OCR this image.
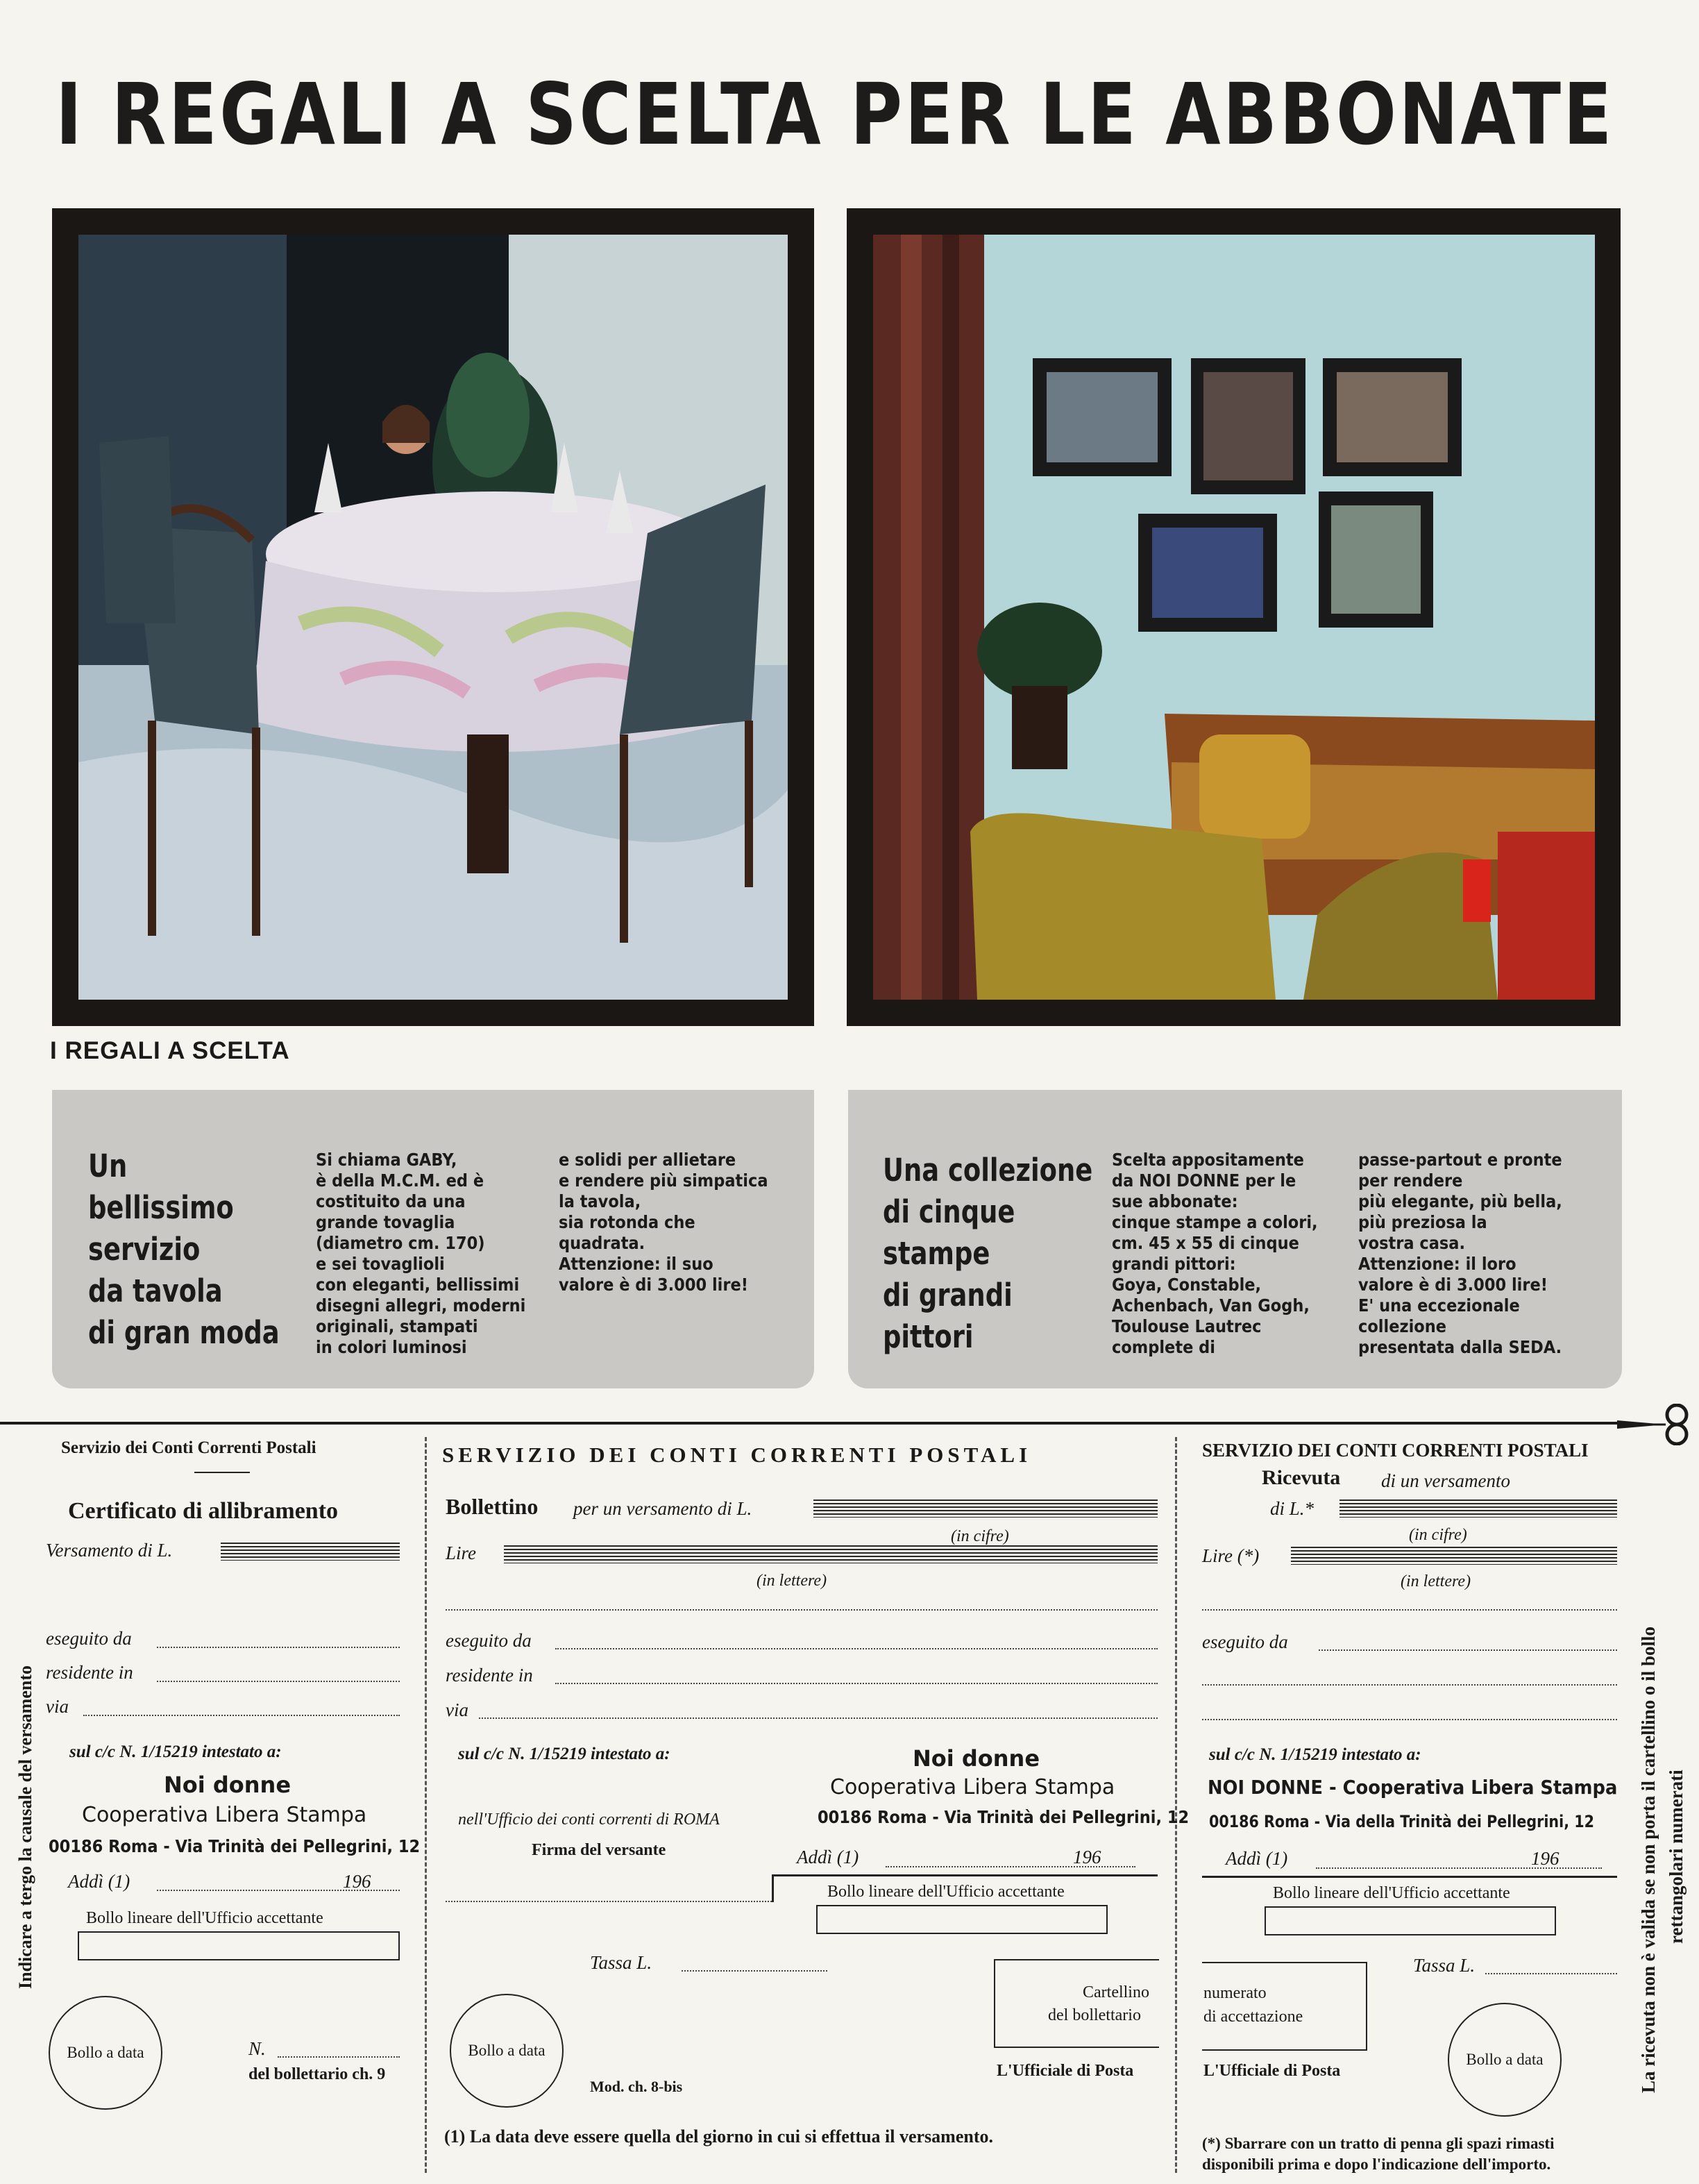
I REGALI A SCELTA PER LE ABBONATE
I REGALI A SCELTA
Un
bellissimo
servizio
da tavola
di gran moda
Si chiama GABY,
è della M.C.M. ed è
costituito da una
grande tovaglia
(diametro cm. 170)
e sei tovaglioli
con eleganti, bellissimi
disegni allegri, moderni
originali, stampati
in colori luminosi
e solidi per allietare
e rendere più simpatica
la tavola,
sia rotonda che
quadrata.
Attenzione: il suo
valore è di 3.000 lire!
Una collezione
di cinque
stampe
di grandi
pittori
Scelta appositamente
da NOI DONNE per le
sue abbonate:
cinque stampe a colori,
cm. 45 x 55 di cinque
grandi pittori:
Goya, Constable,
Achenbach, Van Gogh,
Toulouse Lautrec
complete di
passe-partout e pronte
per rendere
più elegante, più bella,
più preziosa la
vostra casa.
Attenzione: il loro
valore è di 3.000 lire!
E' una eccezionale
collezione
presentata dalla SEDA.
Servizio dei Conti Correnti Postali
Certificato di allibramento
Versamento di L.
eseguito da
residente in
via
sul c/c N. 1/15219 intestato a:
Noi donne
Cooperativa Libera Stampa
00186 Roma - Via Trinità dei Pellegrini, 12
Addì (1)	196
Bollo lineare dell'Ufficio accettante
Bollo a data	N.
del bollettario ch. 9
Indicare a tergo la causale del versamento
SERVIZIO DEI CONTI CORRENTI POSTALI
Bollettino per un versamento di L.
(in cifre)
Lire
(in lettere)
eseguito da
residente in
via
sul c/c N. 1/15219 intestato a:	Noi donne
Cooperativa Libera Stampa
00186 Roma - Via Trinità dei Pellegrini, 12
nell'Ufficio dei conti correnti di ROMA
Firma del versante	Addì (1)	196
Bollo lineare dell'Ufficio accettante
Tassa L.
Cartellino
del bollettario
Bollo a data
Mod. ch. 8-bis
L'Ufficiale di Posta
(1) La data deve essere quella del giorno in cui si effettua il versamento.
SERVIZIO DEI CONTI CORRENTI POSTALI
Ricevuta di un versamento
di L.*
(in cifre)
Lire (*)
(in lettere)
eseguito da
sul c/c N. 1/15219 intestato a:
NOI DONNE - Cooperativa Libera Stampa
00186 Roma - Via della Trinità dei Pellegrini, 12
Addì (1)	196
Bollo lineare dell'Ufficio accettante
Tassa L.
numerato
di accettazione
L'Ufficiale di Posta
Bollo a data
(*) Sbarrare con un tratto di penna gli spazi rimasti
disponibili prima e dopo l'indicazione dell'importo.
La ricevuta non è valida se non porta il cartellino o il bollo rettangolari numerati
